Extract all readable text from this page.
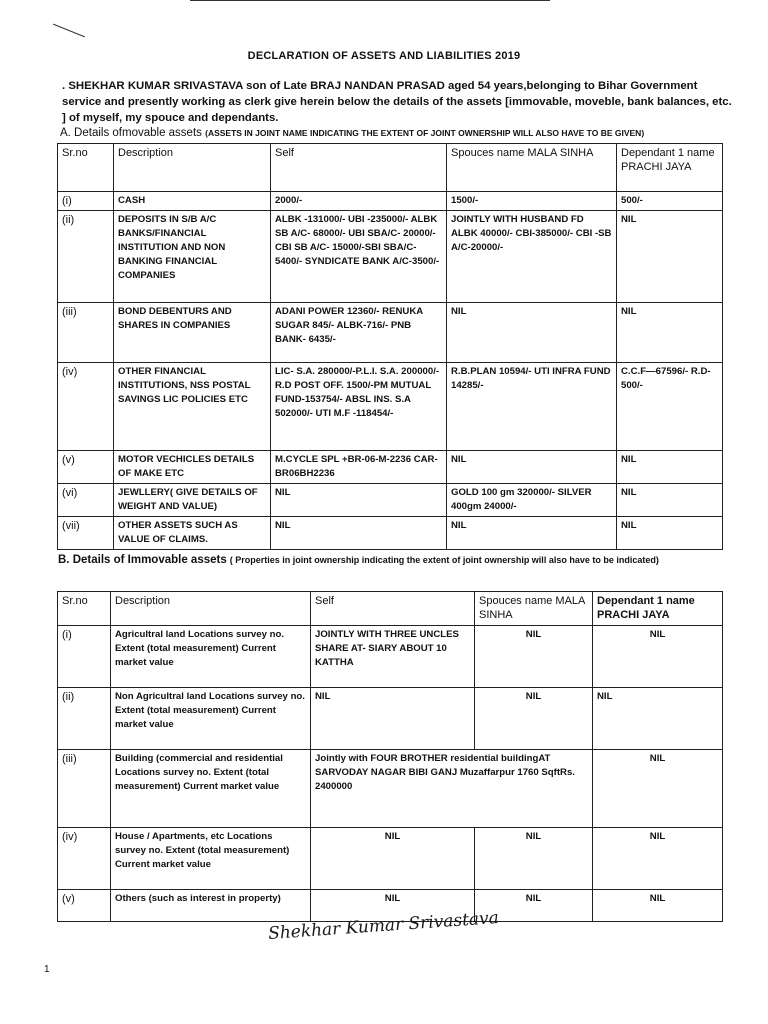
DECLARATION OF ASSETS AND LIABILITIES 2019
. SHEKHAR KUMAR SRIVASTAVA son of Late BRAJ NANDAN PRASAD aged 54 years,belonging to Bihar Government service and presently working as clerk give herein below the details of the assets [immovable, moveble, bank balances, etc. ] of myself, my spouce and dependants.
A. Details ofmovable assets (ASSETS IN JOINT NAME INDICATING THE EXTENT OF JOINT OWNERSHIP WILL ALSO HAVE TO BE GIVEN)
Sr.no	Description	Self	Spouces name MALA SINHA	Dependant 1 name PRACHI JAYA
(i)	CASH	2000/-	1500/-	500/-
(ii)	DEPOSITS IN S/B A/C BANKS/FINANCIAL INSTITUTION AND NON BANKING FINANCIAL COMPANIES	ALBK -131000/- UBI -235000/- ALBK SB A/C- 68000/- UBI SBA/C- 20000/- CBI SB A/C- 15000/-SBI SBA/C-5400/- SYNDICATE BANK A/C-3500/-	JOINTLY WITH HUSBAND FD ALBK 40000/- CBI-385000/- CBI -SB A/C-20000/-	NIL
(iii)	BOND DEBENTURS AND SHARES IN COMPANIES	ADANI POWER 12360/- RENUKA SUGAR 845/- ALBK-716/- PNB BANK- 6435/-	NIL	NIL
(iv)	OTHER FINANCIAL INSTITUTIONS, NSS POSTAL SAVINGS LIC POLICIES ETC	LIC- S.A. 280000/-P.L.I. S.A. 200000/-R.D POST OFF. 1500/-PM MUTUAL FUND-153754/- ABSL INS. S.A 502000/- UTI M.F -118454/-	R.B.PLAN 10594/- UTI INFRA FUND 14285/-	C.C.F—67596/- R.D-500/-
(v)	MOTOR VECHICLES DETAILS OF MAKE ETC	M.CYCLE SPL +BR-06-M-2236 CAR- BR06BH2236	NIL	NIL
(vi)	JEWLLERY( GIVE DETAILS OF WEIGHT AND VALUE)	NIL	GOLD 100 gm 320000/- SILVER 400gm 24000/-	NIL
(vii)	OTHER ASSETS SUCH AS VALUE OF CLAIMS.	NIL	NIL	NIL
B. Details of Immovable assets ( Properties in joint ownership indicating the extent of joint ownership will also have to be indicated)
Sr.no	Description	Self	Spouces name MALA SINHA	Dependant 1 name PRACHI JAYA
(i)	Agricultral land Locations survey no. Extent (total measurement) Current market value	JOINTLY WITH THREE UNCLES SHARE AT- SIARY ABOUT 10 KATTHA	NIL	NIL
(ii)	Non Agricultral land Locations survey no. Extent (total measurement) Current market value	NIL	NIL	NIL
(iii)	Building (commercial and residential Locations survey no. Extent (total measurement) Current market value	Jointly with FOUR BROTHER residential buildingAT SARVODAY NAGAR BIBI GANJ Muzaffarpur 1760 SqftRs. 2400000		NIL
(iv)	House / Apartments, etc Locations survey no. Extent (total measurement) Current market value	NIL	NIL	NIL
(v)	Others (such as interest in property)	NIL	NIL	NIL
Shekhar Kumar Srivastava
1
